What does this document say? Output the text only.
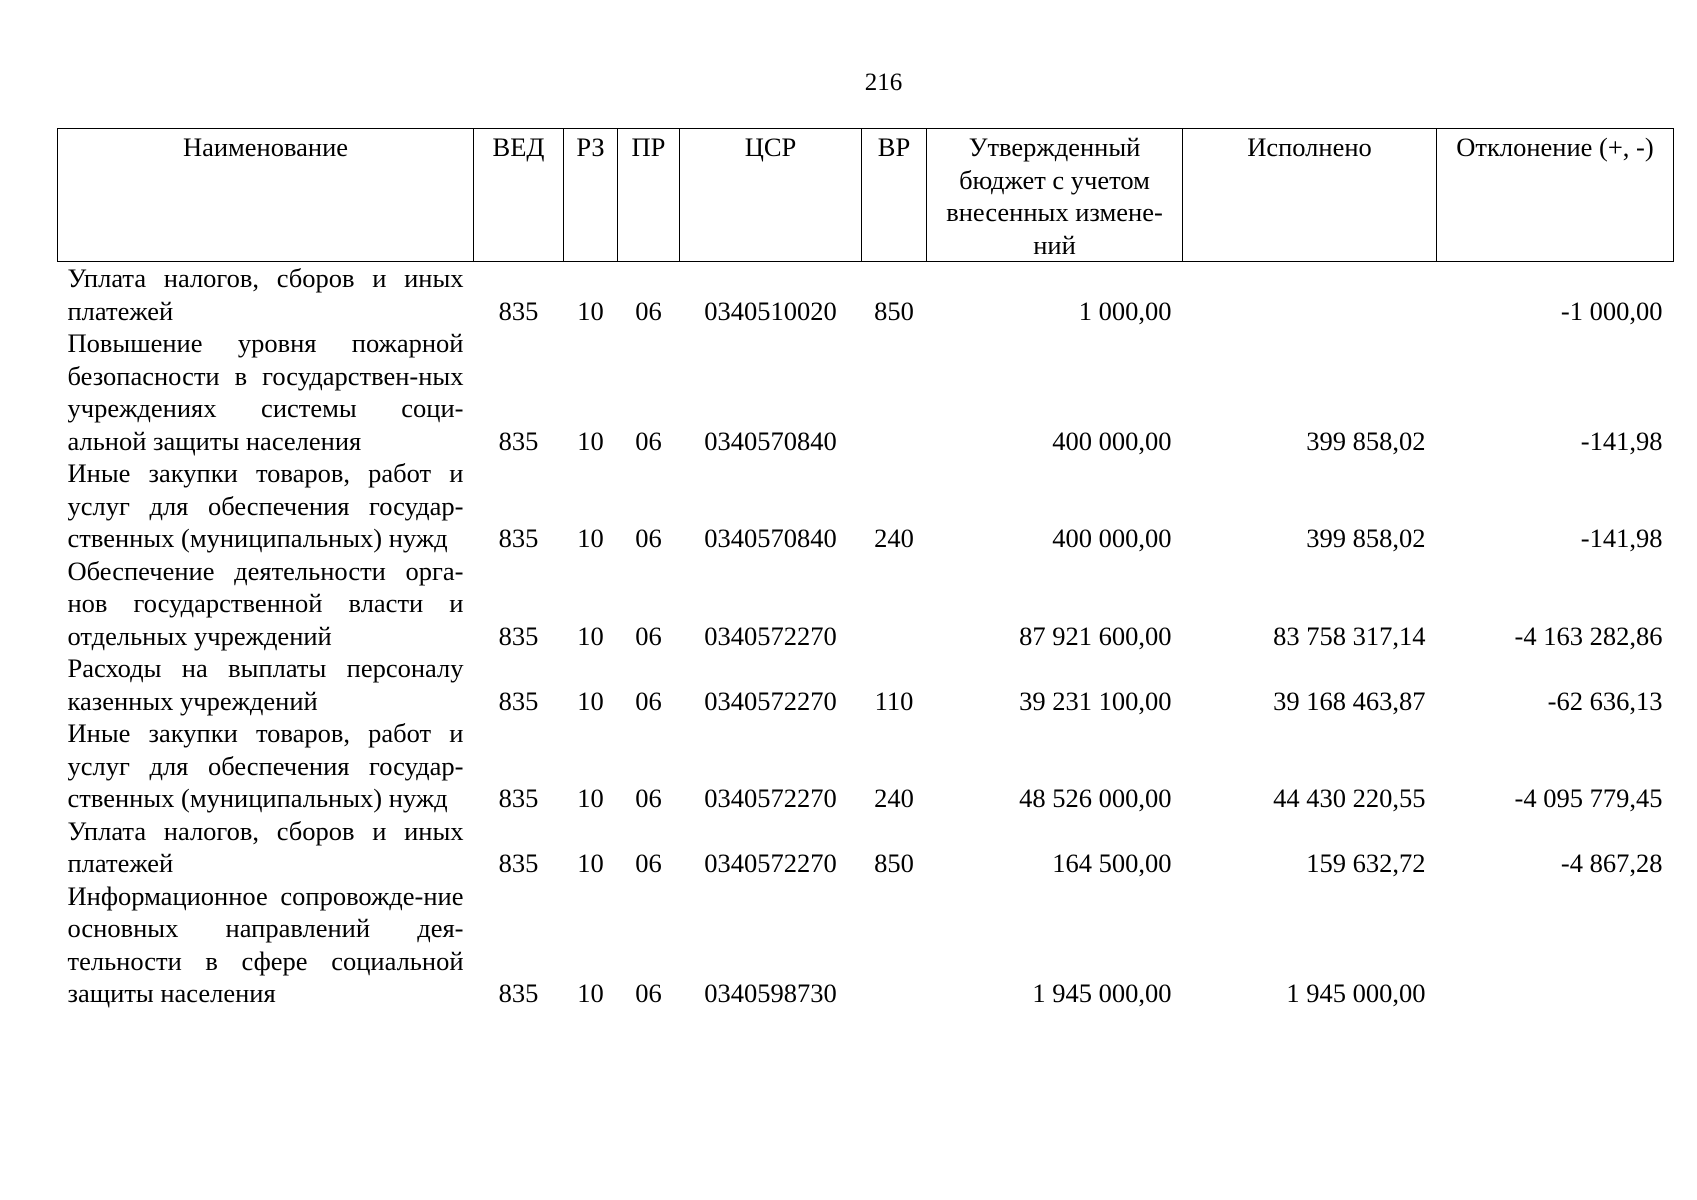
216
Наименование	ВЕД	РЗ	ПР	ЦСР	ВР	Утвержденный бюджет с учетом внесенных измене-ний	Исполнено	Отклонение (+, -)
Уплата налогов, сборов и иных платежей	835	10	06	0340510020	850	1 000,00		-1 000,00
Повышение уровня пожарной безопасности в государствен-ных учреждениях системы соци-альной защиты населения	835	10	06	0340570840		400 000,00	399 858,02	-141,98
Иные закупки товаров, работ и услуг для обеспечения государ-ственных (муниципальных) нужд	835	10	06	0340570840	240	400 000,00	399 858,02	-141,98
Обеспечение деятельности орга-нов государственной власти и отдельных учреждений	835	10	06	0340572270		87 921 600,00	83 758 317,14	-4 163 282,86
Расходы на выплаты персоналу казенных учреждений	835	10	06	0340572270	110	39 231 100,00	39 168 463,87	-62 636,13
Иные закупки товаров, работ и услуг для обеспечения государ-ственных (муниципальных) нужд	835	10	06	0340572270	240	48 526 000,00	44 430 220,55	-4 095 779,45
Уплата налогов, сборов и иных платежей	835	10	06	0340572270	850	164 500,00	159 632,72	-4 867,28
Информационное сопровожде-ние основных направлений дея-тельности в сфере социальной защиты населения	835	10	06	0340598730		1 945 000,00	1 945 000,00	
